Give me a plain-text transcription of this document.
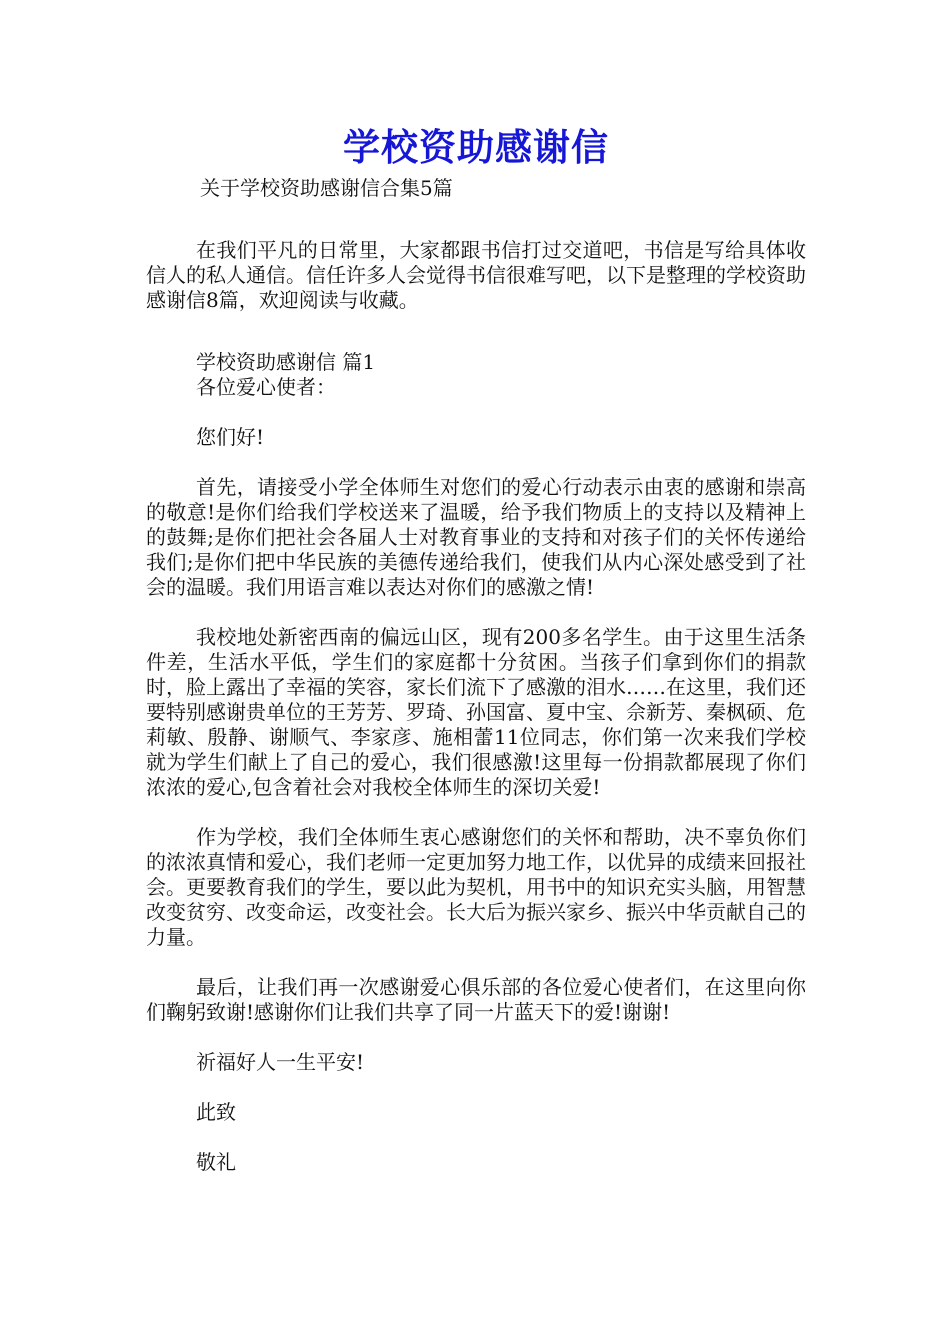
学校资助感谢信

关于学校资助感谢信合集5篇

在我们平凡的日常里，大家都跟书信打过交道吧，书信是写给具体收信人的私人通信。信任许多人会觉得书信很难写吧，以下是整理的学校资助感谢信8篇，欢迎阅读与收藏。

学校资助感谢信 篇1

各位爱心使者：

您们好!

首先，请接受小学全体师生对您们的爱心行动表示由衷的感谢和崇高的敬意!是你们给我们学校送来了温暖，给予我们物质上的支持以及精神上的鼓舞;是你们把社会各届人士对教育事业的支持和对孩子们的关怀传递给我们;是你们把中华民族的美德传递给我们，使我们从内心深处感受到了社会的温暖。我们用语言难以表达对你们的感激之情!

我校地处新密西南的偏远山区，现有200多名学生。由于这里生活条件差，生活水平低，学生们的家庭都十分贫困。当孩子们拿到你们的捐款时，脸上露出了幸福的笑容，家长们流下了感激的泪水……在这里，我们还要特别感谢贵单位的王芳芳、罗琦、孙国富、夏中宝、佘新芳、秦枫硕、危莉敏、殷静、谢顺气、李家彦、施相蕾11位同志，你们第一次来我们学校就为学生们献上了自己的爱心，我们很感激!这里每一份捐款都展现了你们浓浓的爱心,包含着社会对我校全体师生的深切关爱!

作为学校，我们全体师生衷心感谢您们的关怀和帮助，决不辜负你们的浓浓真情和爱心，我们老师一定更加努力地工作，以优异的成绩来回报社会。更要教育我们的学生，要以此为契机，用书中的知识充实头脑，用智慧改变贫穷、改变命运，改变社会。长大后为振兴家乡、振兴中华贡献自己的力量。

最后，让我们再一次感谢爱心俱乐部的各位爱心使者们，在这里向你们鞠躬致谢!感谢你们让我们共享了同一片蓝天下的爱!谢谢!

祈福好人一生平安!

此致

敬礼
